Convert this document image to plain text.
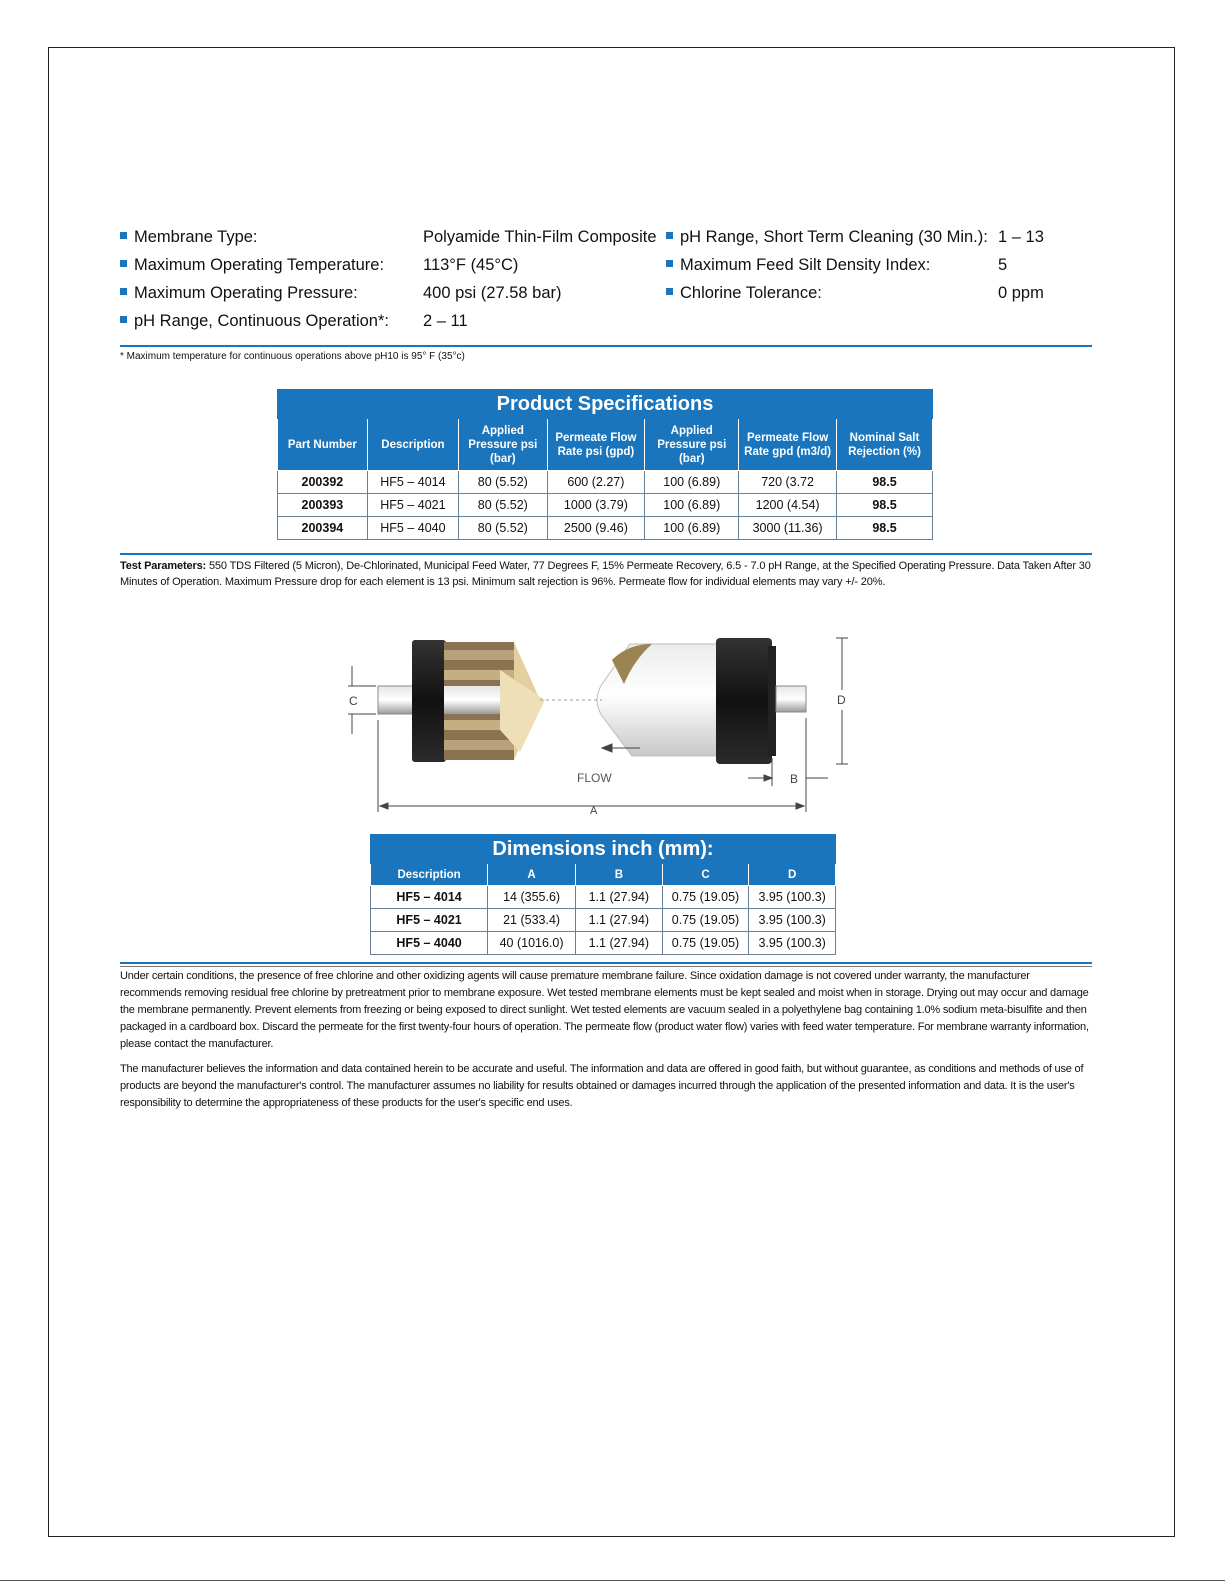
Membrane Type:	Polyamide Thin-Film Composite
Maximum Operating Temperature: 113°F (45°C)
Maximum Operating Pressure:	400 psi (27.58 bar)
pH Range, Continuous Operation*: 2 – 11
pH Range, Short Term Cleaning (30 Min.): 1 – 13
Maximum Feed Silt Density Index:	5
Chlorine Tolerance:	0 ppm
* Maximum temperature for continuous operations above pH10 is 95° F (35°c)
Product Specifications						
Part Number	Description	Applied Pressure psi (bar)	Permeate Flow Rate psi (gpd)	Applied Pressure psi (bar)	Permeate Flow Rate gpd (m3/d)	Nominal Salt Rejection (%)
200392	HF5 – 4014	80 (5.52)	600 (2.27)	100 (6.89)	720 (3.72	98.5
200393	HF5 – 4021	80 (5.52)	1000 (3.79)	100 (6.89)	1200 (4.54)	98.5
200394	HF5 – 4040	80 (5.52)	2500 (9.46)	100 (6.89)	3000 (11.36)	98.5
Test Parameters: 550 TDS Filtered (5 Micron), De-Chlorinated, Municipal Feed Water, 77 Degrees F, 15% Permeate Recovery, 6.5 - 7.0 pH Range, at the Specified Operating Pressure. Data Taken After 30 Minutes of Operation. Maximum Pressure drop for each element is 13 psi. Minimum salt rejection is 96%. Permeate flow for individual elements may vary +/- 20%.
C	D
FLOW	B
A
Dimensions inch (mm):				
Description	A	B	C	D
HF5 – 4014	14 (355.6)	1.1 (27.94)	0.75 (19.05)	3.95 (100.3)
HF5 – 4021	21 (533.4)	1.1 (27.94)	0.75 (19.05)	3.95 (100.3)
HF5 – 4040	40 (1016.0)	1.1 (27.94)	0.75 (19.05)	3.95 (100.3)
Under certain conditions, the presence of free chlorine and other oxidizing agents will cause premature membrane failure. Since oxidation damage is not covered under warranty, the manufacturer recommends removing residual free chlorine by pretreatment prior to membrane exposure. Wet tested membrane elements must be kept sealed and moist when in storage. Drying out may occur and damage the membrane permanently. Prevent elements from freezing or being exposed to direct sunlight. Wet tested elements are vacuum sealed in a polyethylene bag containing 1.0% sodium meta-bisulfite and then packaged in a cardboard box. Discard the permeate for the first twenty-four hours of operation. The permeate flow (product water flow) varies with feed water temperature. For membrane warranty information, please contact the manufacturer.
The manufacturer believes the information and data contained herein to be accurate and useful. The information and data are offered in good faith, but without guarantee, as conditions and methods of use of products are beyond the manufacturer's control. The manufacturer assumes no liability for results obtained or damages incurred through the application of the presented information and data. It is the user's responsibility to determine the appropriateness of these products for the user's specific end uses.
